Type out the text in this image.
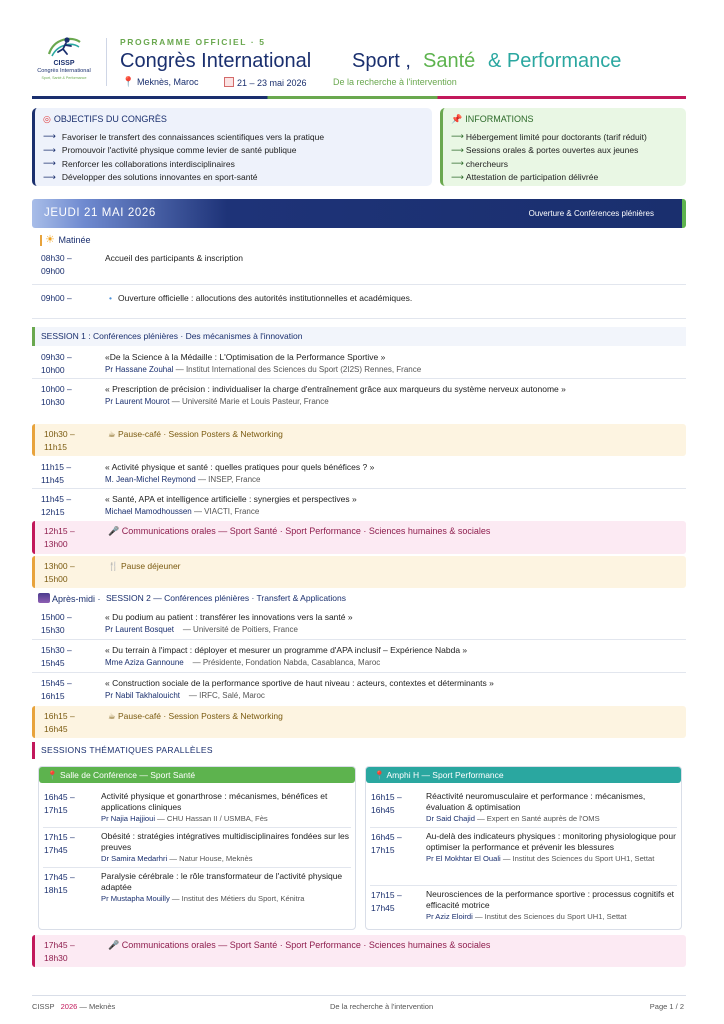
CISSP
Congrès International
Sport, Santé & Performance
PROGRAMME OFFICIEL · 5
Congrès International Sport , Santé & Performance
📍 Meknès, Maroc	21 – 23 mai 2026	De la recherche à l'intervention
◎ OBJECTIFS DU CONGRÈS
⟶ Favoriser le transfert des connaissances scientifiques vers la pratique
⟶ Promouvoir l'activité physique comme levier de santé publique
⟶ Renforcer les collaborations interdisciplinaires
⟶ Développer des solutions innovantes en sport-santé
📌 INFORMATIONS
⟶ Hébergement limité pour doctorants (tarif réduit)
⟶ Sessions orales & portes ouvertes aux jeunes
⟶ chercheurs
⟶ Attestation de participation délivrée
JEUDI 21 MAI 2026	Ouverture & Conférences plénières
☀ Matinée
08h30 –
09h00
Accueil des participants & inscription
09h00 –	• Ouverture officielle : allocutions des autorités institutionnelles et académiques.
SESSION 1 : Conférences plénières · Des mécanismes à l'innovation
09h30 –
10h00
«De la Science à la Médaille : L'Optimisation de la Performance Sportive »
Pr Hassane Zouhal — Institut International des Sciences du Sport (2I2S) Rennes, France
10h00 –
10h30
« Prescription de précision : individualiser la charge d'entraînement grâce aux marqueurs du système nerveux autonome »
Pr Laurent Mourot — Université Marie et Louis Pasteur, France
10h30 –
11h15
☕ Pause-café · Session Posters & Networking
11h15 –
11h45
« Activité physique et santé : quelles pratiques pour quels bénéfices ? »
M. Jean-Michel Reymond — INSEP, France
11h45 –
12h15
« Santé, APA et intelligence artificielle : synergies et perspectives »
Michael Mamodhoussen — VIACTI, France
12h15 –
13h00
🎤 Communications orales — Sport Santé · Sport Performance · Sciences humaines & sociales
13h00 –
15h00
🍴 Pause déjeuner
Après-midi · SESSION 2 — Conférences plénières · Transfert & Applications
15h00 –
15h30
« Du podium au patient : transférer les innovations vers la santé »
Pr Laurent Bosquet — Université de Poitiers, France
15h30 –
15h45
« Du terrain à l'impact : déployer et mesurer un programme d'APA inclusif – Expérience Nabda »
Mme Aziza Gannoune — Présidente, Fondation Nabda, Casablanca, Maroc
15h45 –
16h15
« Construction sociale de la performance sportive de haut niveau : acteurs, contextes et déterminants »
Pr Nabil Takhalouicht — IRFC, Salé, Maroc
16h15 –
16h45
☕ Pause-café · Session Posters & Networking
SESSIONS THÉMATIQUES PARALLÈLES
📍 Salle de Conférence — Sport Santé
16h45 –
17h15
Activité physique et gonarthrose : mécanismes, bénéfices et applications cliniques
Pr Najia Hajjioui — CHU Hassan II / USMBA, Fès
17h15 –
17h45
Obésité : stratégies intégratives multidisciplinaires fondées sur les preuves
Dr Samira Medarhri — Natur House, Meknès
17h45 –
18h15
Paralysie cérébrale : le rôle transformateur de l'activité physique adaptée
Pr Mustapha Mouilly — Institut des Métiers du Sport, Kénitra
📍 Amphi H — Sport Performance
16h15 –
16h45
Réactivité neuromusculaire et performance : mécanismes, évaluation & optimisation
Dr Said Chajid — Expert en Santé auprès de l'OMS
16h45 –
17h15
Au-delà des indicateurs physiques : monitoring physiologique pour optimiser la performance et prévenir les blessures
Pr El Mokhtar El Ouali — Institut des Sciences du Sport UH1, Settat
17h15 –
17h45
Neurosciences de la performance sportive : processus cognitifs et efficacité motrice
Pr Aziz Eloirdi — Institut des Sciences du Sport UH1, Settat
17h45 –
18h30
🎤 Communications orales — Sport Santé · Sport Performance · Sciences humaines & sociales
CISSP 2026 — Meknès	De la recherche à l'intervention	Page 1 / 2
